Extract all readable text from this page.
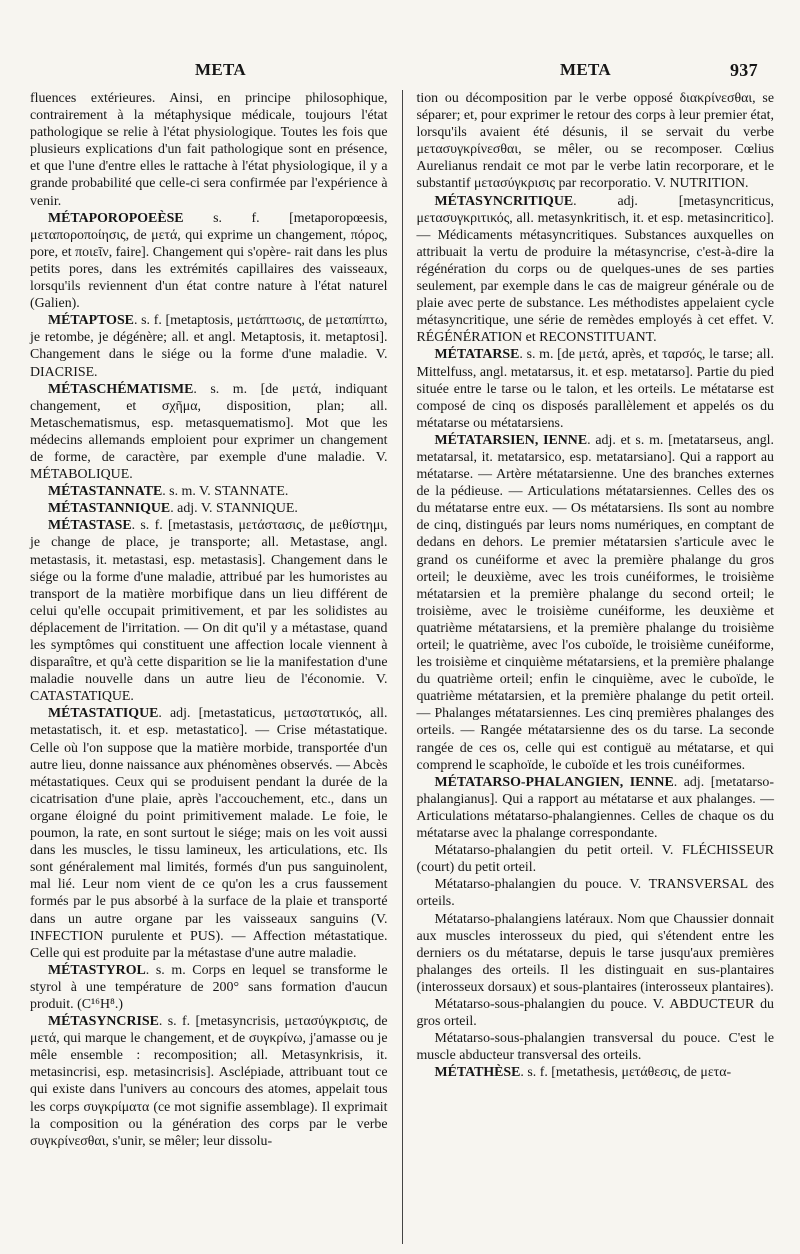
META	META	937

fluences extérieures. Ainsi, en principe philosophique, contrairement à la métaphysique médicale, toujours l'état pathologique se relie à l'état physiologique. Toutes les fois que plusieurs explications d'un fait pathologique sont en présence, et que l'une d'entre elles le rattache à l'état physiologique, il y a grande probabilité que celle-ci sera confirmée par l'expérience à venir.

MÉTAPOROPOEÈSE s. f. [metaporopœesis, μεταποροποίησις, de μετά, qui exprime un changement, πόρος, pore, et ποιεῖν, faire]. Changement qui s'opère- rait dans les plus petits pores, dans les extrémités capillaires des vaisseaux, lorsqu'ils reviennent d'un état contre nature à l'état naturel (Galien).

MÉTAPTOSE. s. f. [metaptosis, μετάπτωσις, de μεταπίπτω, je retombe, je dégénère; all. et angl. Metaptosis, it. metaptosi]. Changement dans le siége ou la forme d'une maladie. V. DIACRISE.

MÉTASCHÉMATISME. s. m. [de μετά, indiquant changement, et σχῆμα, disposition, plan; all. Metaschematismus, esp. metasquematismo]. Mot que les médecins allemands emploient pour exprimer un changement de forme, de caractère, par exemple d'une maladie. V. MÉTABOLIQUE.

MÉTASTANNATE. s. m. V. STANNATE.

MÉTASTANNIQUE. adj. V. STANNIQUE.

MÉTASTASE. s. f. [metastasis, μετάστασις, de μεθίστημι, je change de place, je transporte; all. Metastase, angl. metastasis, it. metastasi, esp. metastasis]. Changement dans le siége ou la forme d'une maladie, attribué par les humoristes au transport de la matière morbifique dans un lieu différent de celui qu'elle occupait primitivement, et par les solidistes au déplacement de l'irritation. — On dit qu'il y a métastase, quand les symptômes qui constituent une affection locale viennent à disparaître, et qu'à cette disparition se lie la manifestation d'une maladie nouvelle dans un autre lieu de l'économie. V. CATASTATIQUE.

MÉTASTATIQUE. adj. [metastaticus, μεταστατικός, all. metastatisch, it. et esp. metastatico]. — Crise métastatique. Celle où l'on suppose que la matière morbide, transportée d'un autre lieu, donne naissance aux phénomènes observés. — Abcès métastatiques. Ceux qui se produisent pendant la durée de la cicatrisation d'une plaie, après l'accouchement, etc., dans un organe éloigné du point primitivement malade. Le foie, le poumon, la rate, en sont surtout le siége; mais on les voit aussi dans les muscles, le tissu lamineux, les articulations, etc. Ils sont généralement mal limités, formés d'un pus sanguinolent, mal lié. Leur nom vient de ce qu'on les a crus faussement formés par le pus absorbé à la surface de la plaie et transporté dans un autre organe par les vaisseaux sanguins (V. INFECTION purulente et PUS). — Affection métastatique. Celle qui est produite par la métastase d'une autre maladie.

MÉTASTYROL. s. m. Corps en lequel se transforme le styrol à une température de 200° sans formation d'aucun produit. (C¹⁶H⁸.)

MÉTASYNCRISE. s. f. [metasyncrisis, μετασύγκρισις, de μετά, qui marque le changement, et de συγκρίνω, j'amasse ou je mêle ensemble : recomposition; all. Metasynkrisis, it. metasincrisi, esp. metasincrisis]. Asclépiade, attribuant tout ce qui existe dans l'univers au concours des atomes, appelait tous les corps συγκρίματα (ce mot signifie assemblage). Il exprimait la composition ou la génération des corps par le verbe συγκρίνεσθαι, s'unir, se mêler; leur dissolu-

tion ou décomposition par le verbe opposé διακρίνεσθαι, se séparer; et, pour exprimer le retour des corps à leur premier état, lorsqu'ils avaient été désunis, il se servait du verbe μετασυγκρίνεσθαι, se mêler, ou se recomposer. Cœlius Aurelianus rendait ce mot par le verbe latin recorporare, et le substantif μετασύγκρισις par recorporatio. V. NUTRITION.

MÉTASYNCRITIQUE. adj. [metasyncriticus, μετασυγκριτικός, all. metasynkritisch, it. et esp. metasincritico]. — Médicaments métasyncritiques. Substances auxquelles on attribuait la vertu de produire la métasyncrise, c'est-à-dire la régénération du corps ou de quelques-unes de ses parties seulement, par exemple dans le cas de maigreur générale ou de plaie avec perte de substance. Les méthodistes appelaient cycle métasyncritique, une série de remèdes employés à cet effet. V. RÉGÉNÉRATION et RECONSTITUANT.

MÉTATARSE. s. m. [de μετά, après, et ταρσός, le tarse; all. Mittelfuss, angl. metatarsus, it. et esp. metatarso]. Partie du pied située entre le tarse ou le talon, et les orteils. Le métatarse est composé de cinq os disposés parallèlement et appelés os du métatarse ou métatarsiens.

MÉTATARSIEN, IENNE. adj. et s. m. [metatarseus, angl. metatarsal, it. metatarsico, esp. metatarsiano]. Qui a rapport au métatarse. — Artère métatarsienne. Une des branches externes de la pédieuse. — Articulations métatarsiennes. Celles des os du métatarse entre eux. — Os métatarsiens. Ils sont au nombre de cinq, distingués par leurs noms numériques, en comptant de dedans en dehors. Le premier métatarsien s'articule avec le grand os cunéiforme et avec la première phalange du gros orteil; le deuxième, avec les trois cunéiformes, le troisième métatarsien et la première phalange du second orteil; le troisième, avec le troisième cunéiforme, les deuxième et quatrième métatarsiens, et la première phalange du troisième orteil; le quatrième, avec l'os cuboïde, le troisième cunéiforme, les troisième et cinquième métatarsiens, et la première phalange du quatrième orteil; enfin le cinquième, avec le cuboïde, le quatrième métatarsien, et la première phalange du petit orteil. — Phalanges métatarsiennes. Les cinq premières phalanges des orteils. — Rangée métatarsienne des os du tarse. La seconde rangée de ces os, celle qui est contiguë au métatarse, et qui comprend le scaphoïde, le cuboïde et les trois cunéiformes.

MÉTATARSO-PHALANGIEN, IENNE. adj. [metatarso-phalangianus]. Qui a rapport au métatarse et aux phalanges. — Articulations métatarso-phalangiennes. Celles de chaque os du métatarse avec la phalange correspondante.

Métatarso-phalangien du petit orteil. V. FLÉCHISSEUR (court) du petit orteil.

Métatarso-phalangien du pouce. V. TRANSVERSAL des orteils.

Métatarso-phalangiens latéraux. Nom que Chaussier donnait aux muscles interosseux du pied, qui s'étendent entre les derniers os du métatarse, depuis le tarse jusqu'aux premières phalanges des orteils. Il les distinguait en sus-plantaires (interosseux dorsaux) et sous-plantaires (interosseux plantaires).

Métatarso-sous-phalangien du pouce. V. ABDUCTEUR du gros orteil.

Métatarso-sous-phalangien transversal du pouce. C'est le muscle abducteur transversal des orteils.

MÉTATHÈSE. s. f. [metathesis, μετάθεσις, de μετα-
